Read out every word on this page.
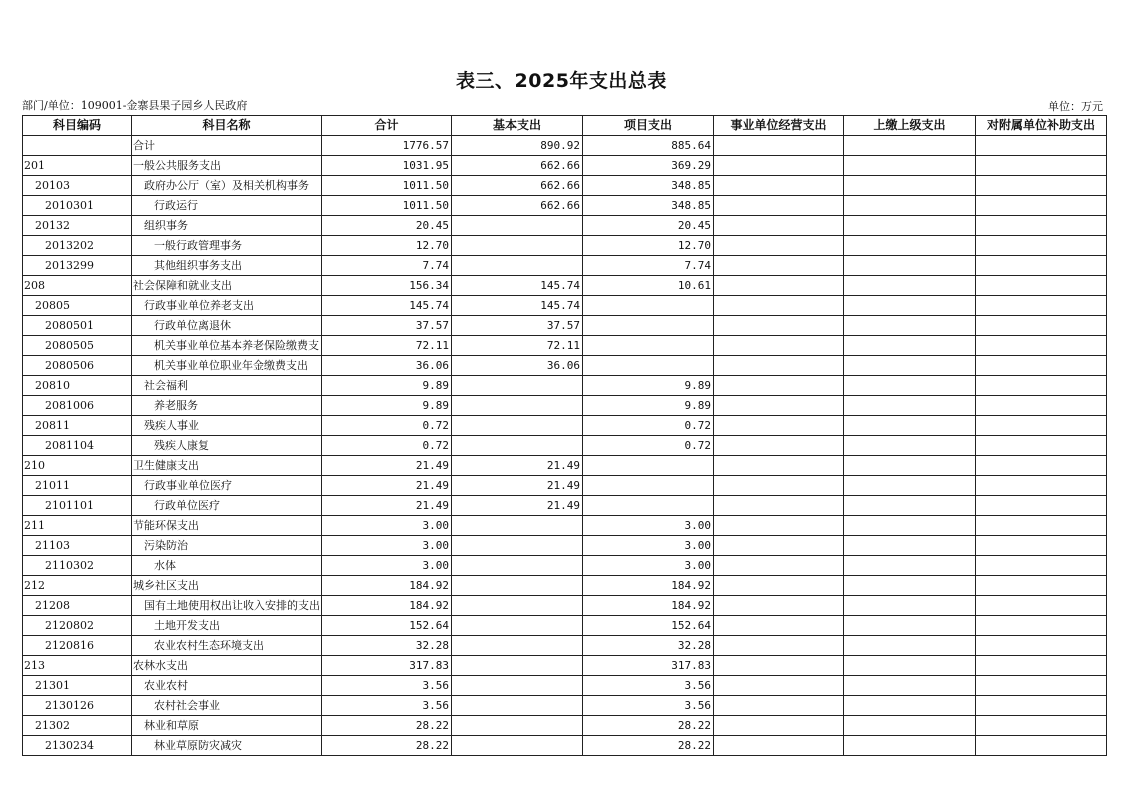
表三、2025年支出总表
部门/单位：109001-金寨县果子园乡人民政府	单位：万元
科目编码	科目名称	合计	基本支出	项目支出	事业单位经营支出	上缴上级支出	对附属单位补助支出
	合计	1776.57	890.92	885.64			
201	一般公共服务支出	1031.95	662.66	369.29			
20103	政府办公厅（室）及相关机构事务	1011.50	662.66	348.85			
2010301	行政运行	1011.50	662.66	348.85			
20132	组织事务	20.45		20.45			
2013202	一般行政管理事务	12.70		12.70			
2013299	其他组织事务支出	7.74		7.74			
208	社会保障和就业支出	156.34	145.74	10.61			
20805	行政事业单位养老支出	145.74	145.74				
2080501	行政单位离退休	37.57	37.57				
2080505	机关事业单位基本养老保险缴费支	72.11	72.11				
2080506	机关事业单位职业年金缴费支出	36.06	36.06				
20810	社会福利	9.89		9.89			
2081006	养老服务	9.89		9.89			
20811	残疾人事业	0.72		0.72			
2081104	残疾人康复	0.72		0.72			
210	卫生健康支出	21.49	21.49				
21011	行政事业单位医疗	21.49	21.49				
2101101	行政单位医疗	21.49	21.49				
211	节能环保支出	3.00		3.00			
21103	污染防治	3.00		3.00			
2110302	水体	3.00		3.00			
212	城乡社区支出	184.92		184.92			
21208	国有土地使用权出让收入安排的支出	184.92		184.92			
2120802	土地开发支出	152.64		152.64			
2120816	农业农村生态环境支出	32.28		32.28			
213	农林水支出	317.83		317.83			
21301	农业农村	3.56		3.56			
2130126	农村社会事业	3.56		3.56			
21302	林业和草原	28.22		28.22			
2130234	林业草原防灾减灾	28.22		28.22			
